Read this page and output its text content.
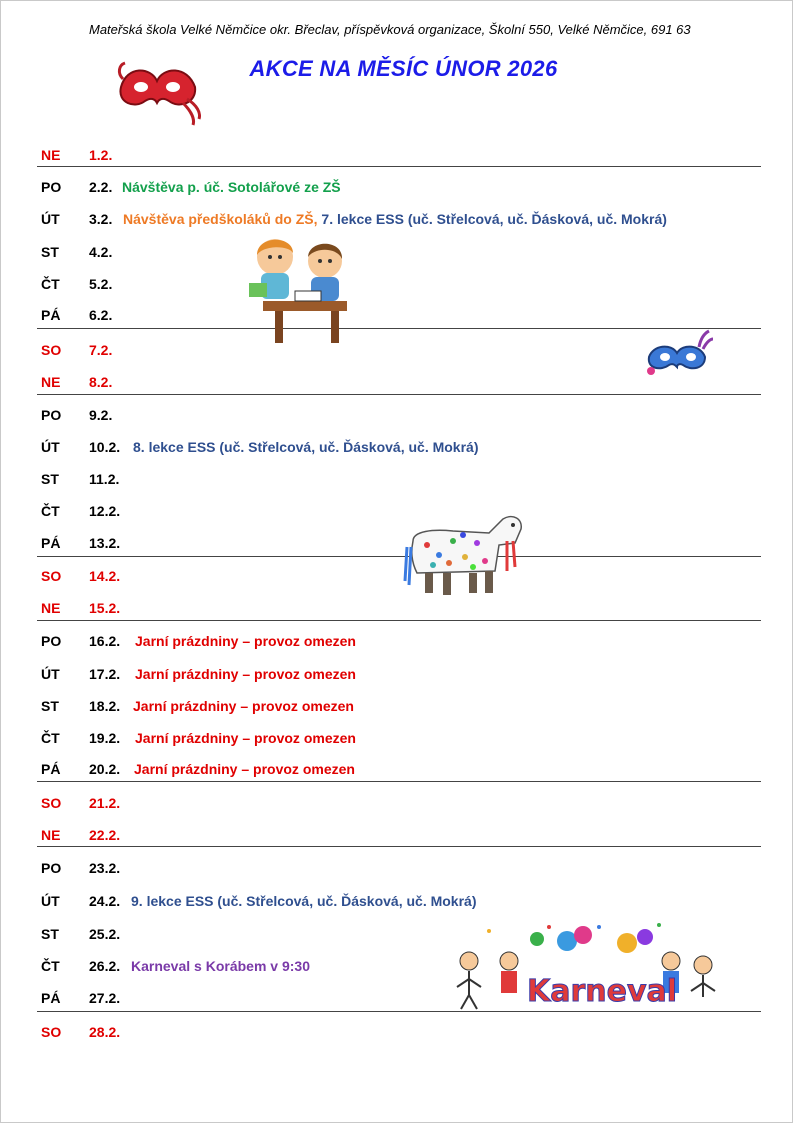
Mateřská škola Velké Němčice okr. Břeclav, příspěvková organizace, Školní 550, Velké Němčice, 691 63
AKCE NA MĚSÍC ÚNOR 2026
NE	1.2.
PO	2.2. Návštěva p. úč. Sotolářové ze ZŠ
ÚT	3.2. Návštěva předškoláků do ZŠ, 7. lekce ESS (uč. Střelcová, uč. Ďásková, uč. Mokrá)
ST	4.2.
ČT	5.2.
PÁ	6.2.
SO	7.2.
NE	8.2.
PO	9.2.
ÚT	10.2. 8. lekce ESS (uč. Střelcová, uč. Ďásková, uč. Mokrá)
ST	11.2.
ČT	12.2.
PÁ	13.2.
SO	14.2.
NE	15.2.
PO	16.2. Jarní prázdniny – provoz omezen
ÚT	17.2. Jarní prázdniny – provoz omezen
ST	18.2. Jarní prázdniny – provoz omezen
ČT	19.2. Jarní prázdniny – provoz omezen
PÁ	20.2. Jarní prázdniny – provoz omezen
SO	21.2.
NE	22.2.
PO	23.2.
ÚT	24.2. 9. lekce ESS (uč. Střelcová, uč. Ďásková, uč. Mokrá)
ST	25.2.
ČT	26.2. Karneval s Korábem v 9:30
PÁ	27.2.
SO	28.2.
Karneval
